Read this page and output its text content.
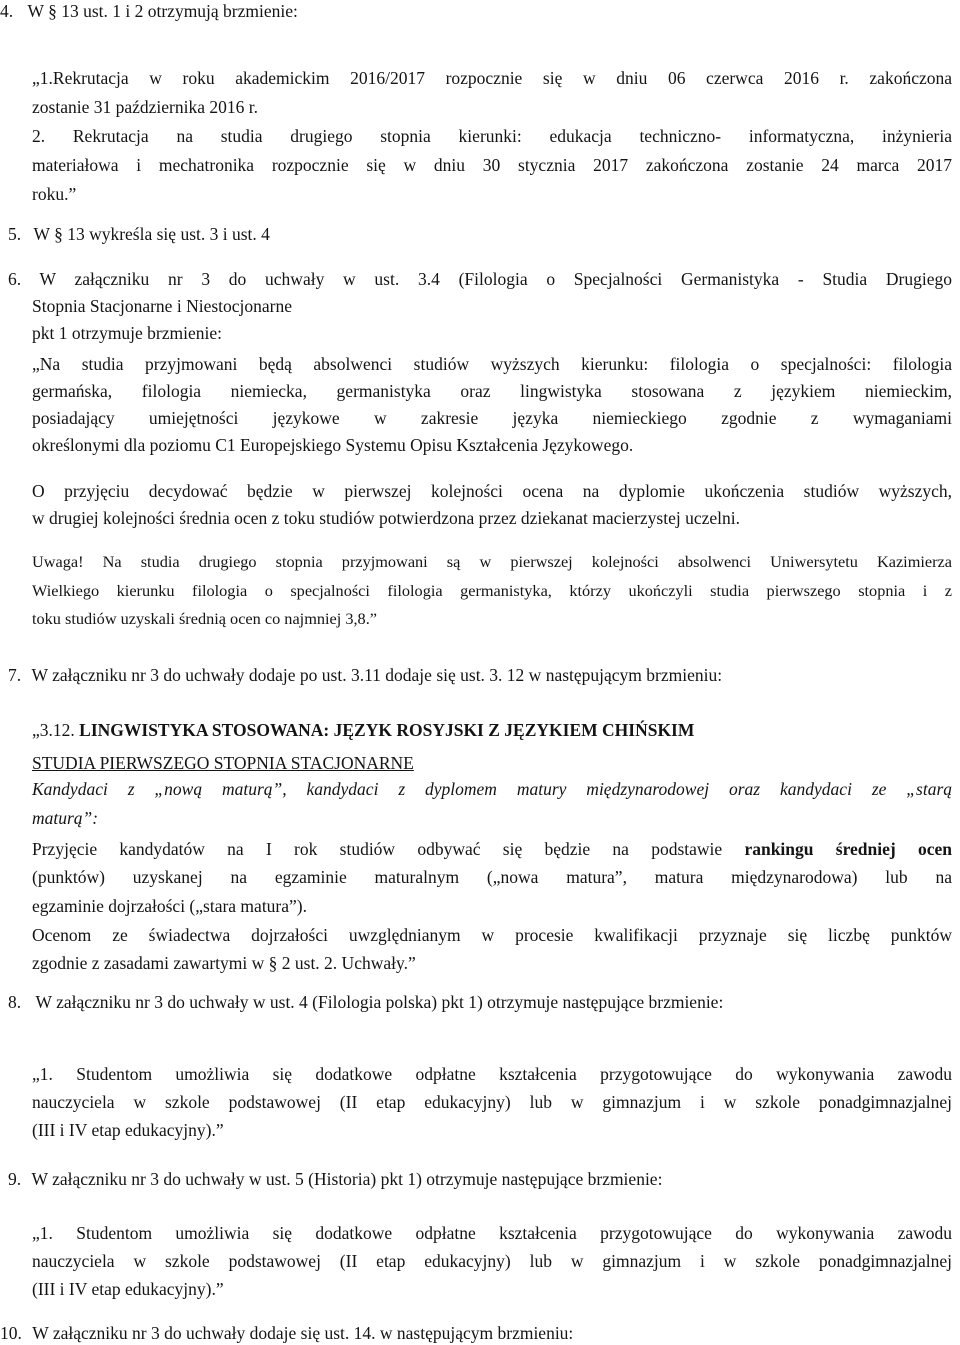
4. W § 13 ust. 1 i 2 otrzymują brzmienie:
„1.Rekrutacja w roku akademickim 2016/2017 rozpocznie się w dniu 06 czerwca 2016 r. zakończona
zostanie 31 października 2016 r.
2. Rekrutacja na studia drugiego stopnia kierunki: edukacja techniczno- informatyczna, inżynieria
materiałowa i mechatronika rozpocznie się w dniu 30 stycznia 2017 zakończona zostanie 24 marca 2017
roku.”
5. W § 13 wykreśla się ust. 3 i ust. 4
6. W załączniku nr 3 do uchwały w ust. 3.4 (Filologia o Specjalności Germanistyka - Studia Drugiego
Stopnia Stacjonarne i Niestocjonarne
pkt 1 otrzymuje brzmienie:
„Na studia przyjmowani będą absolwenci studiów wyższych kierunku: filologia o specjalności: filologia
germańska, filologia niemiecka, germanistyka oraz lingwistyka stosowana z językiem niemieckim,
posiadający umiejętności językowe w zakresie języka niemieckiego zgodnie z wymaganiami
określonymi dla poziomu C1 Europejskiego Systemu Opisu Kształcenia Językowego.
O przyjęciu decydować będzie w pierwszej kolejności ocena na dyplomie ukończenia studiów wyższych,
w drugiej kolejności średnia ocen z toku studiów potwierdzona przez dziekanat macierzystej uczelni.
Uwaga! Na studia drugiego stopnia przyjmowani są w pierwszej kolejności absolwenci Uniwersytetu Kazimierza
Wielkiego kierunku filologia o specjalności filologia germanistyka, którzy ukończyli studia pierwszego stopnia i z
toku studiów uzyskali średnią ocen co najmniej 3,8.”
7. W załączniku nr 3 do uchwały dodaje po ust. 3.11 dodaje się ust. 3. 12 w następującym brzmieniu:
„3.12. LINGWISTYKA STOSOWANA: JĘZYK ROSYJSKI Z JĘZYKIEM CHIŃSKIM
STUDIA PIERWSZEGO STOPNIA STACJONARNE
Kandydaci z „nową maturą”, kandydaci z dyplomem matury międzynarodowej oraz kandydaci ze „starą
maturą”:
Przyjęcie kandydatów na I rok studiów odbywać się będzie na podstawie rankingu średniej ocen
(punktów) uzyskanej na egzaminie maturalnym („nowa matura”, matura międzynarodowa) lub na
egzaminie dojrzałości („stara matura”).
Ocenom ze świadectwa dojrzałości uwzględnianym w procesie kwalifikacji przyznaje się liczbę punktów
zgodnie z zasadami zawartymi w § 2 ust. 2. Uchwały.”
8. W załączniku nr 3 do uchwały w ust. 4 (Filologia polska) pkt 1) otrzymuje następujące brzmienie:
„1. Studentom umożliwia się dodatkowe odpłatne kształcenia przygotowujące do wykonywania zawodu
nauczyciela w szkole podstawowej (II etap edukacyjny) lub w gimnazjum i w szkole ponadgimnazjalnej
(III i IV etap edukacyjny).”
9. W załączniku nr 3 do uchwały w ust. 5 (Historia) pkt 1) otrzymuje następujące brzmienie:
„1. Studentom umożliwia się dodatkowe odpłatne kształcenia przygotowujące do wykonywania zawodu
nauczyciela w szkole podstawowej (II etap edukacyjny) lub w gimnazjum i w szkole ponadgimnazjalnej
(III i IV etap edukacyjny).”
10. W załączniku nr 3 do uchwały dodaje się ust. 14. w następującym brzmieniu:
